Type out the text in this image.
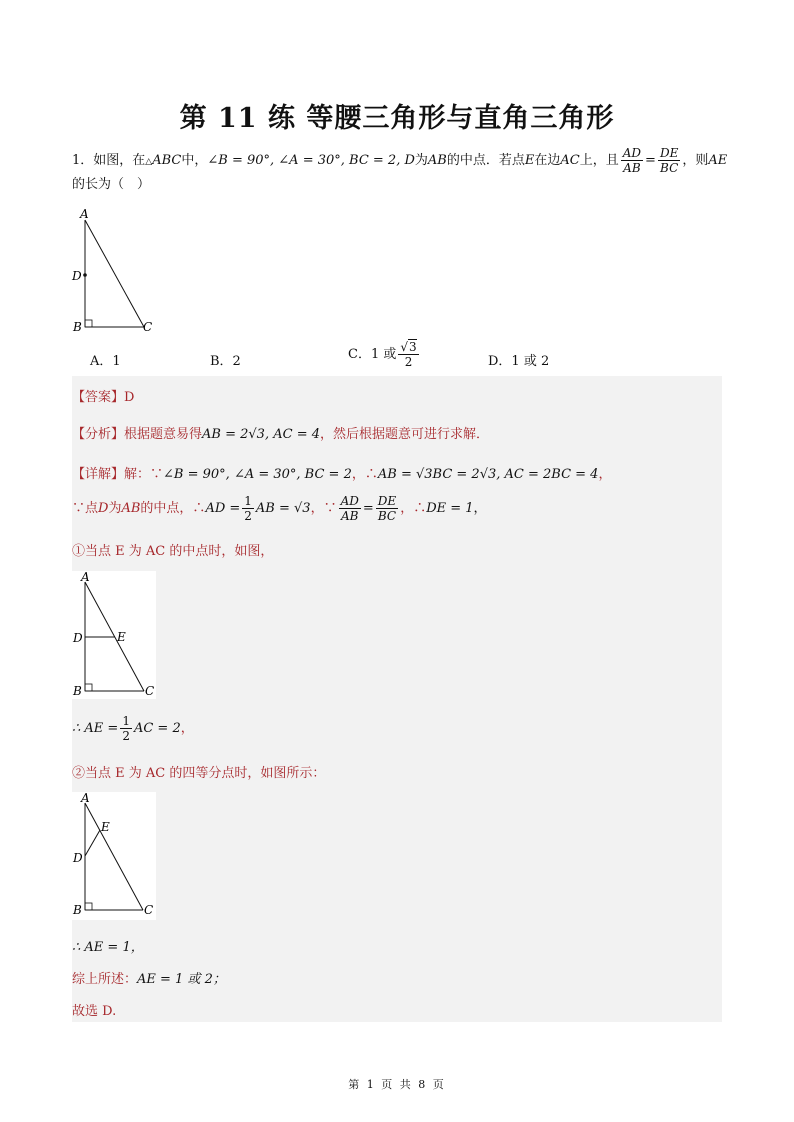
第 11 练 等腰三角形与直角三角形
1．如图，在△ABC中，∠B = 90°, ∠A = 30°, BC = 2, D为AB的中点．若点E在边AC上，且 $\frac{AD}{AB} = \frac{DE}{BC}$ ，则AE
的长为（　）
A
D
B	C
A．1	B．2	C．1 或 $\frac{√3}{2}$	D．1 或 2
【答案】D
【分析】根据题意易得AB = 2√3, AC = 4，然后根据题意可进行求解．
【详解】解：∵∠B = 90°, ∠A = 30°, BC = 2，∴AB = √3BC = 2√3, AC = 2BC = 4，
∵点D为AB的中点，∴AD = $\frac{1}{2}$ AB = √3，∵ $\frac{AD}{AB} = \frac{DE}{BC}$ ，∴DE = 1，
①当点 E 为 AC 的中点时，如图，
A
D	E
B	C
∴ AE = $\frac{1}{2}$ AC = 2，
②当点 E 为 AC 的四等分点时，如图所示：
A
D
E
B	C
∴ AE = 1，
综上所述：AE = 1 或 2；
故选 D.
第 1 页 共 8 页
